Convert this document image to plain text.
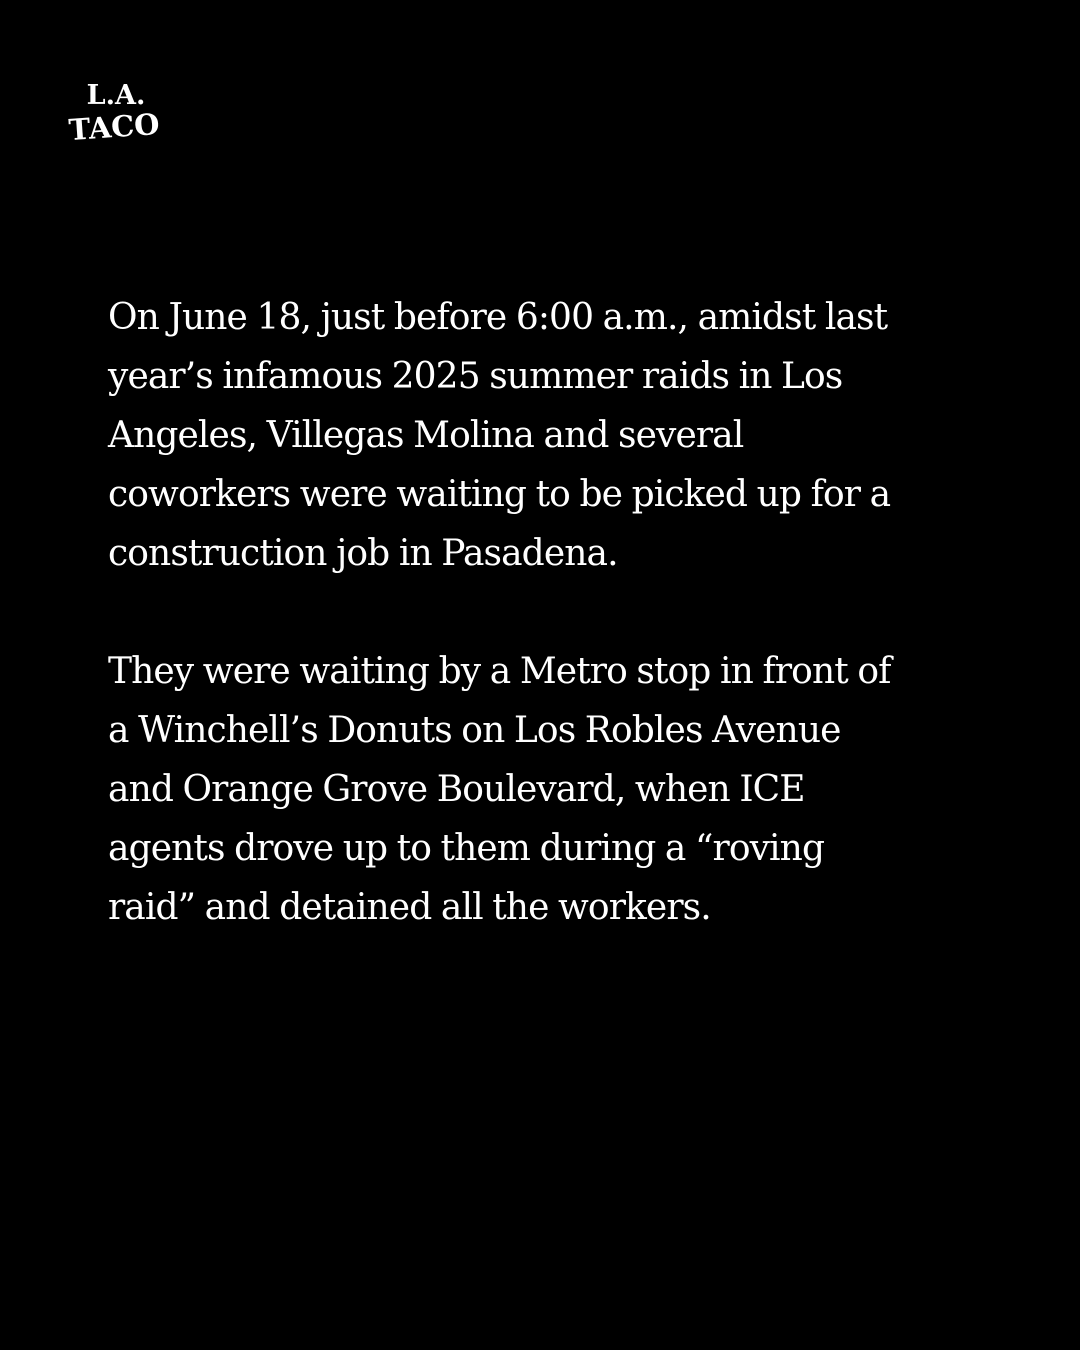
L.A.
TACO

On June 18, just before 6:00 a.m., amidst last
year’s infamous 2025 summer raids in Los
Angeles, Villegas Molina and several
coworkers were waiting to be picked up for a
construction job in Pasadena.

They were waiting by a Metro stop in front of
a Winchell’s Donuts on Los Robles Avenue
and Orange Grove Boulevard, when ICE
agents drove up to them during a “roving
raid” and detained all the workers.
